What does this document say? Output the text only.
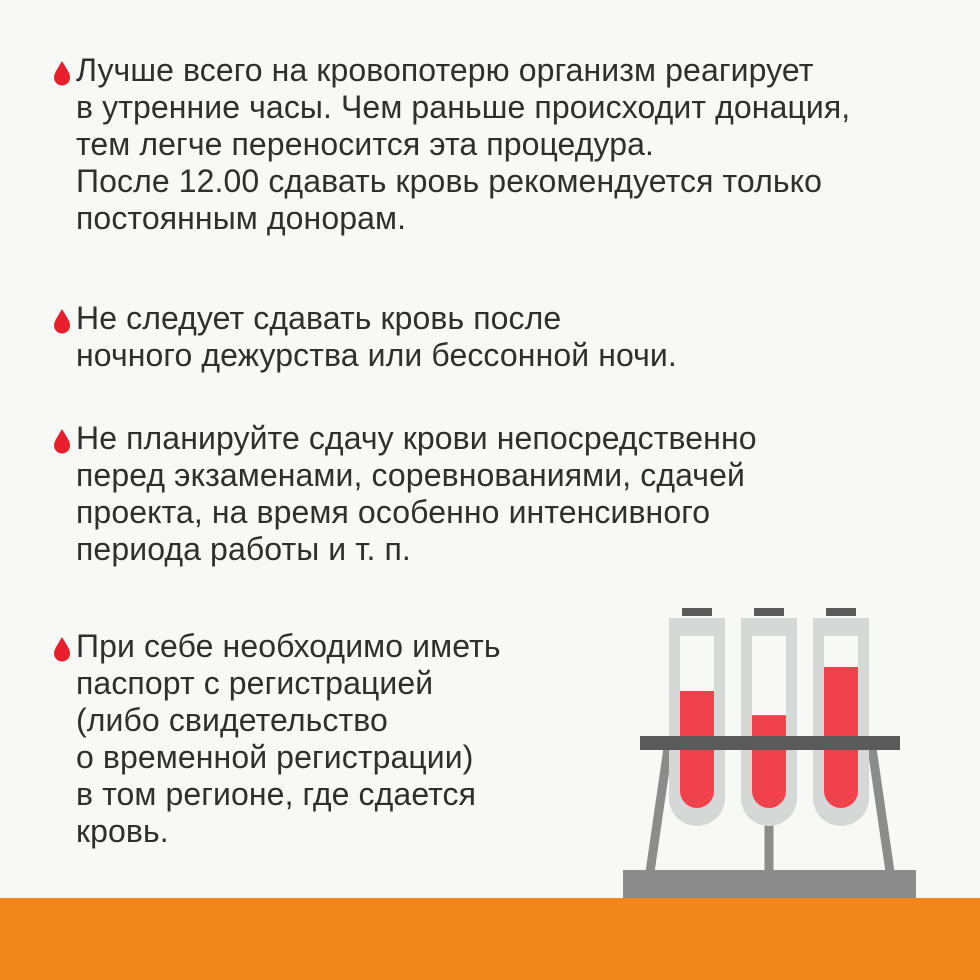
Лучше всего на кровопотерю организм реагирует
в утренние часы. Чем раньше происходит донация,
тем легче переносится эта процедура.
После 12.00 сдавать кровь рекомендуется только
постоянным донорам.
Не следует сдавать кровь после
ночного дежурства или бессонной ночи.
Не планируйте сдачу крови непосредственно
перед экзаменами, соревнованиями, сдачей
проекта, на время особенно интенсивного
периода работы и т. п.
При себе необходимо иметь
паспорт с регистрацией
(либо свидетельство
о временной регистрации)
в том регионе, где сдается
кровь.
